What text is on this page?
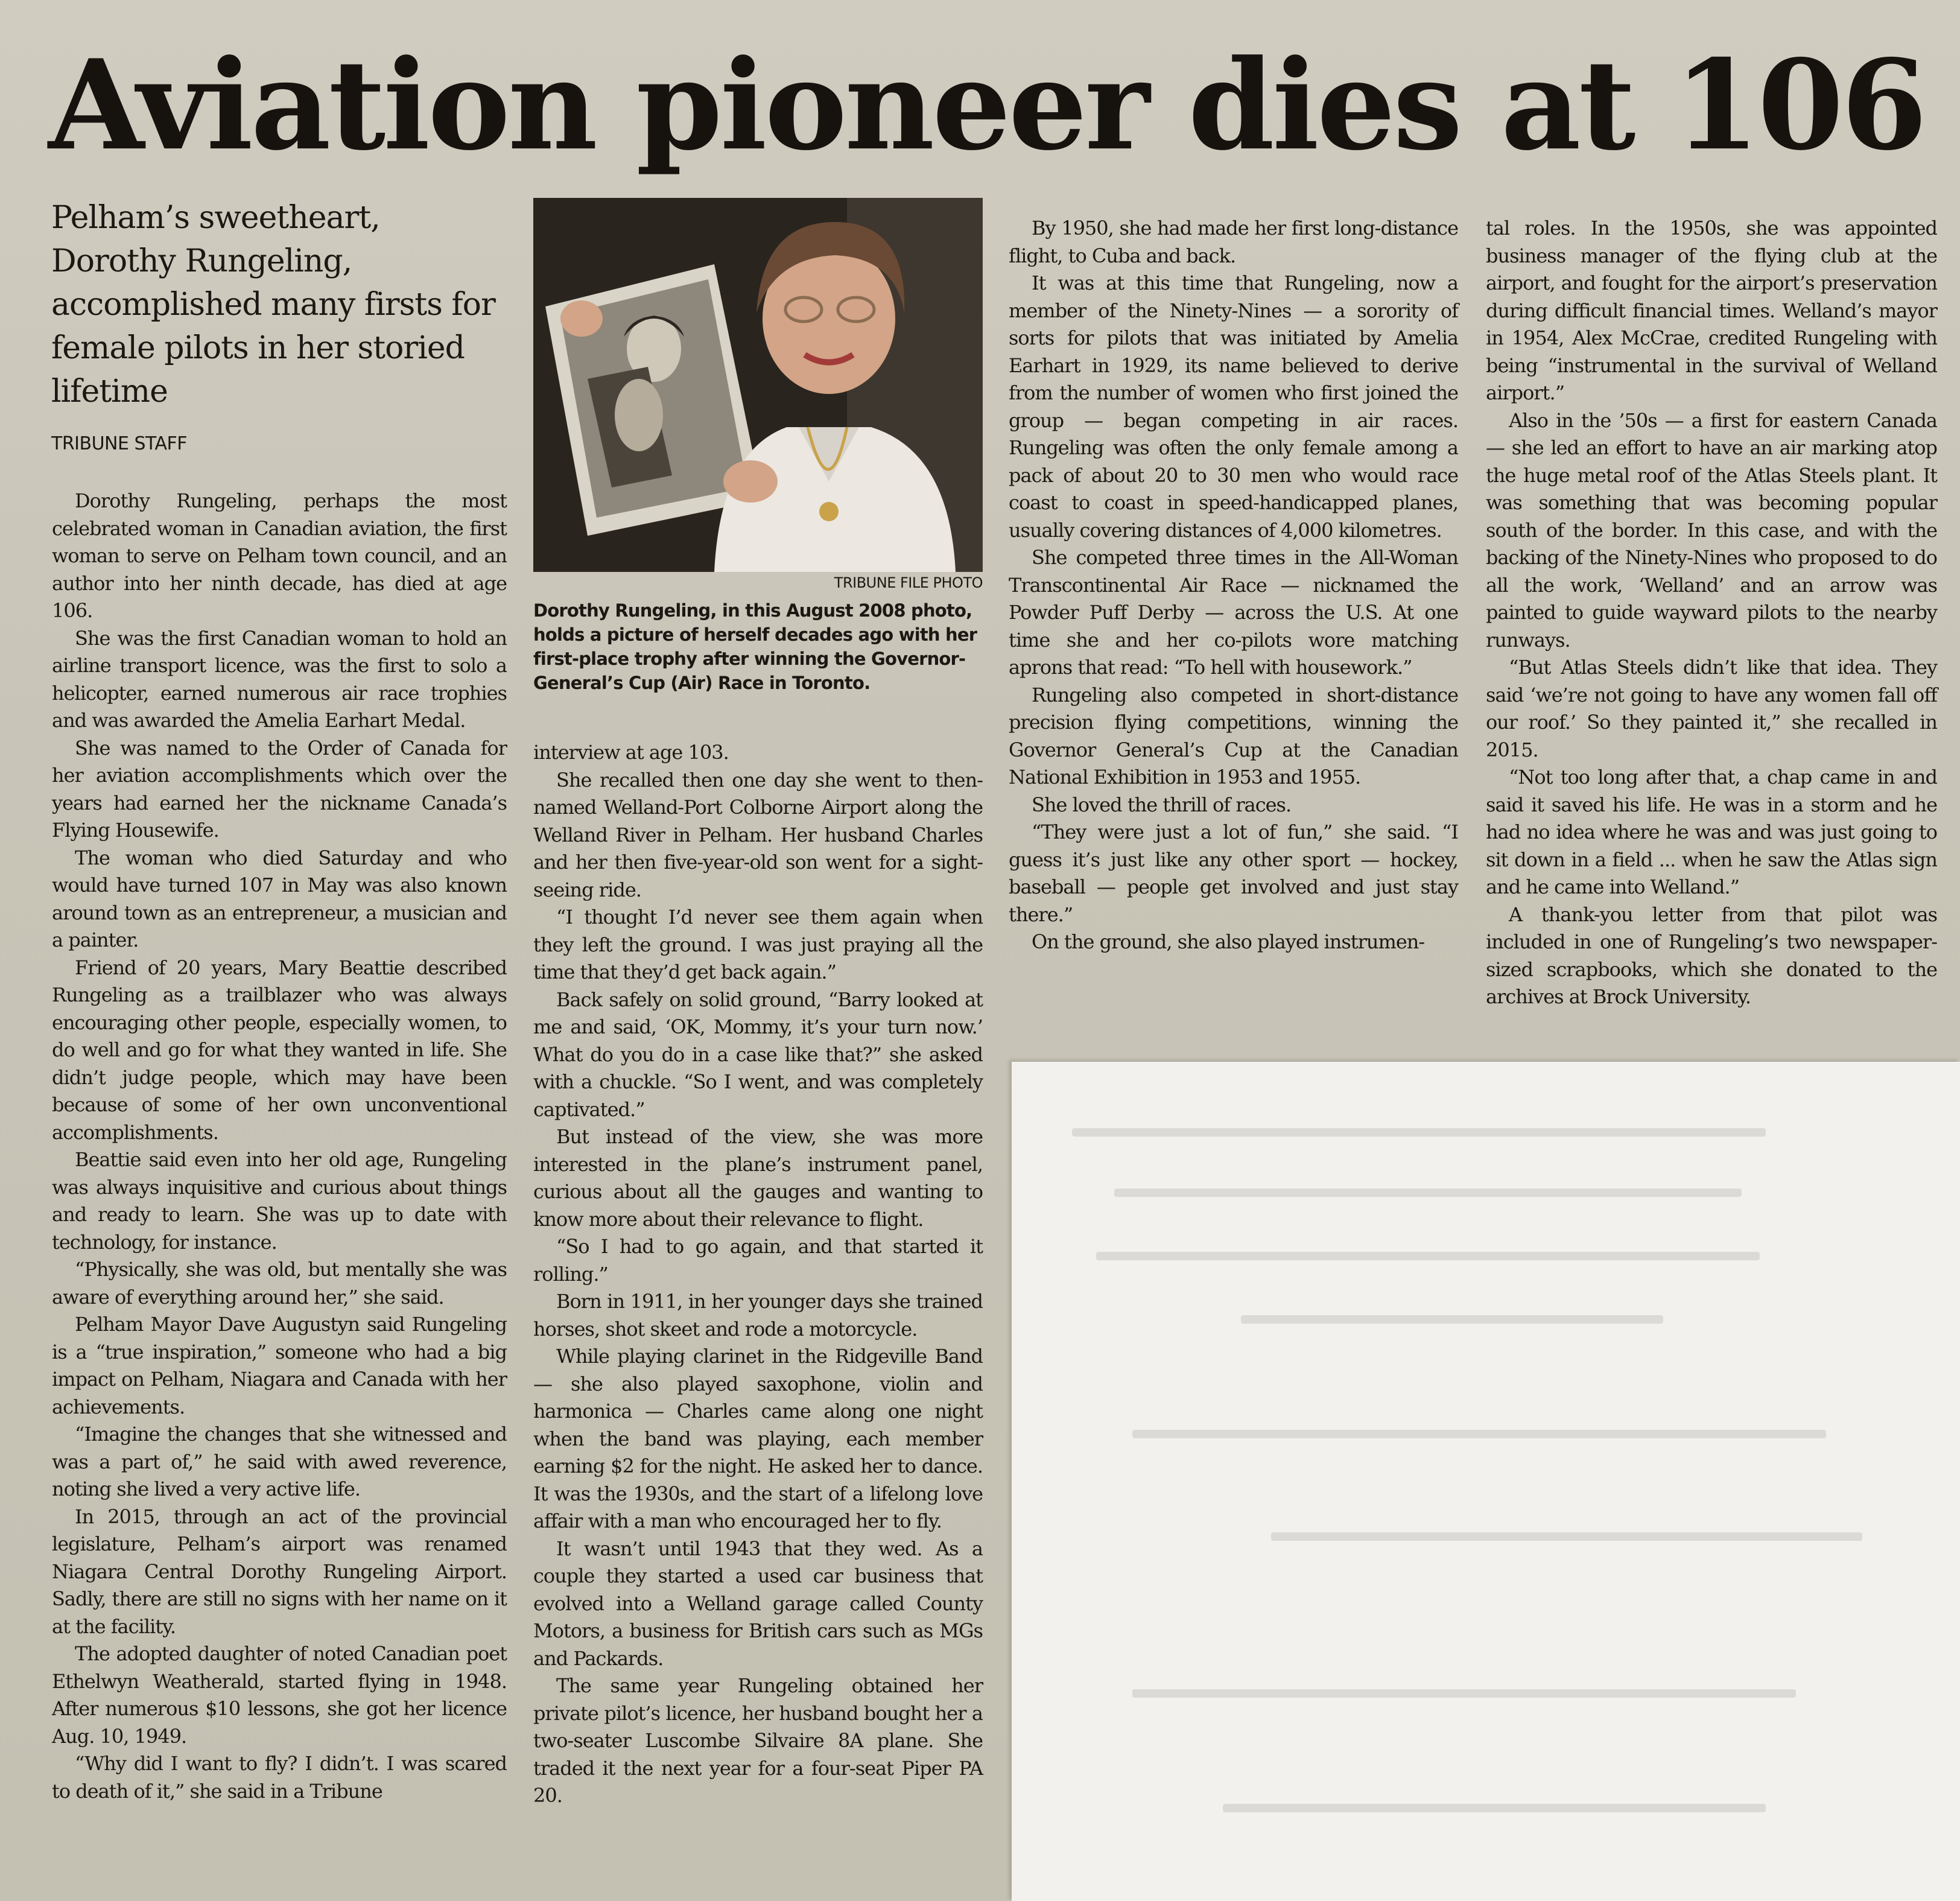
Aviation pioneer dies at 106

Pelham’s sweetheart, Dorothy Rungeling, accomplished many firsts for female pilots in her storied lifetime

TRIBUNE STAFF
TRIBUNE FILE PHOTO
Dorothy Rungeling, in this August 2008 photo, holds a picture of herself decades ago with her first-place trophy after winning the Governor-General’s Cup (Air) Race in Toronto.

Dorothy Rungeling, perhaps the most celebrated woman in Canadian aviation, the first woman to serve on Pelham town council, and an author into her ninth decade, has died at age 106.

She was the first Canadian woman to hold an airline transport licence, was the first to solo a helicopter, earned numerous air race trophies and was awarded the Amelia Earhart Medal.

She was named to the Order of Canada for her aviation accomplishments which over the years had earned her the nickname Canada’s Flying Housewife.

The woman who died Saturday and who would have turned 107 in May was also known around town as an entrepreneur, a musician and a painter.

Friend of 20 years, Mary Beattie described Rungeling as a trailblazer who was always encouraging other people, especially women, to do well and go for what they wanted in life. She didn’t judge people, which may have been because of some of her own unconventional accomplishments.

Beattie said even into her old age, Rungeling was always inquisitive and curious about things and ready to learn. She was up to date with technology, for instance.

“Physically, she was old, but mentally she was aware of everything around her,” she said.

Pelham Mayor Dave Augustyn said Rungeling is a “true inspiration,” someone who had a big impact on Pelham, Niagara and Canada with her achievements.

“Imagine the changes that she witnessed and was a part of,” he said with awed reverence, noting she lived a very active life.

In 2015, through an act of the provincial legislature, Pelham’s airport was renamed Niagara Central Dorothy Rungeling Airport. Sadly, there are still no signs with her name on it at the facility.

The adopted daughter of noted Canadian poet Ethelwyn Weatherald, started flying in 1948. After numerous $10 lessons, she got her licence Aug. 10, 1949.

“Why did I want to fly? I didn’t. I was scared to death of it,” she said in a Tribune

interview at age 103.

She recalled then one day she went to then-named Welland-Port Colborne Airport along the Welland River in Pelham. Her husband Charles and her then five-year-old son went for a sight-seeing ride.

“I thought I’d never see them again when they left the ground. I was just praying all the time that they’d get back again.”

Back safely on solid ground, “Barry looked at me and said, ‘OK, Mommy, it’s your turn now.’ What do you do in a case like that?” she asked with a chuckle. “So I went, and was completely captivated.”

But instead of the view, she was more interested in the plane’s instrument panel, curious about all the gauges and wanting to know more about their relevance to flight.

“So I had to go again, and that started it rolling.”

Born in 1911, in her younger days she trained horses, shot skeet and rode a motorcycle.

While playing clarinet in the Ridgeville Band — she also played saxophone, violin and harmonica — Charles came along one night when the band was playing, each member earning $2 for the night. He asked her to dance. It was the 1930s, and the start of a lifelong love affair with a man who encouraged her to fly.

It wasn’t until 1943 that they wed. As a couple they started a used car business that evolved into a Welland garage called County Motors, a business for British cars such as MGs and Packards.

The same year Rungeling obtained her private pilot’s licence, her husband bought her a two-seater Luscombe Silvaire 8A plane. She traded it the next year for a four-seat Piper PA 20.

By 1950, she had made her first long-distance flight, to Cuba and back.

It was at this time that Rungeling, now a member of the Ninety-Nines — a sorority of sorts for pilots that was initiated by Amelia Earhart in 1929, its name believed to derive from the number of women who first joined the group — began competing in air races. Rungeling was often the only female among a pack of about 20 to 30 men who would race coast to coast in speed-handicapped planes, usually covering distances of 4,000 kilometres.

She competed three times in the All-Woman Transcontinental Air Race — nicknamed the Powder Puff Derby — across the U.S. At one time she and her co-pilots wore matching aprons that read: “To hell with housework.”

Rungeling also competed in short-distance precision flying competitions, winning the Governor General’s Cup at the Canadian National Exhibition in 1953 and 1955.

She loved the thrill of races.

“They were just a lot of fun,” she said. “I guess it’s just like any other sport — hockey, baseball — people get involved and just stay there.”

On the ground, she also played instrumen-

tal roles. In the 1950s, she was appointed business manager of the flying club at the airport, and fought for the airport’s preservation during difficult financial times. Welland’s mayor in 1954, Alex McCrae, credited Rungeling with being “instrumental in the survival of Welland airport.”

Also in the ’50s — a first for eastern Canada — she led an effort to have an air marking atop the huge metal roof of the Atlas Steels plant. It was something that was becoming popular south of the border. In this case, and with the backing of the Ninety-Nines who proposed to do all the work, ‘Welland’ and an arrow was painted to guide wayward pilots to the nearby runways.

“But Atlas Steels didn’t like that idea. They said ‘we’re not going to have any women fall off our roof.’ So they painted it,” she recalled in 2015.

“Not too long after that, a chap came in and said it saved his life. He was in a storm and he had no idea where he was and was just going to sit down in a field ... when he saw the Atlas sign and he came into Welland.”

A thank-you letter from that pilot was included in one of Rungeling’s two newspaper-sized scrapbooks, which she donated to the archives at Brock University.
